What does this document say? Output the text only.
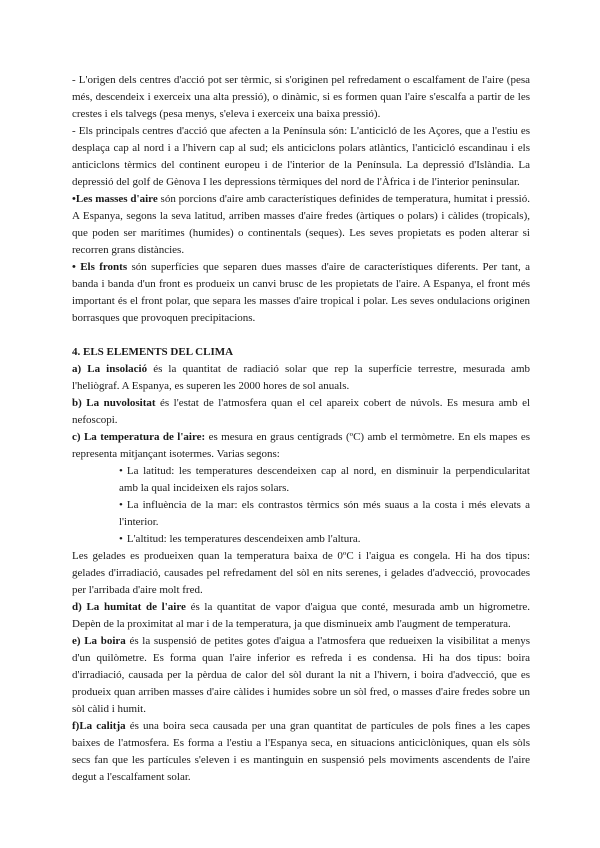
- L'origen dels centres d'acció pot ser tèrmic, si s'originen pel refredament o escalfament de l'aire (pesa més, descendeix i exerceix una alta pressió), o dinàmic, si es formen quan l'aire s'escalfa a partir de les crestes i els talvegs (pesa menys, s'eleva i exerceix una baixa pressió).

- Els principals centres d'acció que afecten a la Península són: L'anticicló de les Açores, que a l'estiu es desplaça cap al nord i a l'hivern cap al sud; els anticiclons polars atlàntics, l'anticicló escandinau i els anticiclons tèrmics del continent europeu i de l'interior de la Península. La depressió d'Islàndia. La depressió del golf de Gènova I les depressions tèrmiques del nord de l'Àfrica i de l'interior peninsular.

•Les masses d'aire són porcions d'aire amb característiques definides de temperatura, humitat i pressió. A Espanya, segons la seva latitud, arriben masses d'aire fredes (àrtiques o polars) i càlides (tropicals), que poden ser marítimes (humides) o continentals (seques). Les seves propietats es poden alterar si recorren grans distàncies.

• Els fronts són superfícies que separen dues masses d'aire de característiques diferents. Per tant, a banda i banda d'un front es produeix un canvi brusc de les propietats de l'aire. A Espanya, el front més important és el front polar, que separa les masses d'aire tropical i polar. Les seves ondulacions originen borrasques que provoquen precipitacions.

4. ELS ELEMENTS DEL CLIMA

a) La insolació és la quantitat de radiació solar que rep la superfície terrestre, mesurada amb l'heliògraf. A Espanya, es superen les 2000 hores de sol anuals.

b) La nuvolositat és l'estat de l'atmosfera quan el cel apareix cobert de núvols. Es mesura amb el nefoscopi.

c) La temperatura de l'aire: es mesura en graus centígrads (ºC) amb el termòmetre. En els mapes es representa mitjançant isotermes. Varias segons:

• La latitud: les temperatures descendeixen cap al nord, en disminuir la perpendicularitat amb la qual incideixen els rajos solars.
• La influència de la mar: els contrastos tèrmics són més suaus a la costa i més elevats a l'interior.
• L'altitud: les temperatures descendeixen amb l'altura.

Les gelades es produeixen quan la temperatura baixa de 0ºC i l'aigua es congela. Hi ha dos tipus: gelades d'irradiació, causades pel refredament del sòl en nits serenes, i gelades d'advecció, provocades per l'arribada d'aire molt fred.

d) La humitat de l'aire és la quantitat de vapor d'aigua que conté, mesurada amb un higrometre. Depèn de la proximitat al mar i de la temperatura, ja que disminueix amb l'augment de temperatura.

e) La boira és la suspensió de petites gotes d'aigua a l'atmosfera que redueixen la visibilitat a menys d'un quilòmetre. Es forma quan l'aire inferior es refreda i es condensa. Hi ha dos tipus: boira d'irradiació, causada per la pèrdua de calor del sòl durant la nit a l'hivern, i boira d'advecció, que es produeix quan arriben masses d'aire càlides i humides sobre un sòl fred, o masses d'aire fredes sobre un sòl càlid i humit.

f)La calitja és una boira seca causada per una gran quantitat de partícules de pols fines a les capes baixes de l'atmosfera. Es forma a l'estiu a l'Espanya seca, en situacions anticiclòniques, quan els sòls secs fan que les partícules s'eleven i es mantinguin en suspensió pels moviments ascendents de l'aire degut a l'escalfament solar.
